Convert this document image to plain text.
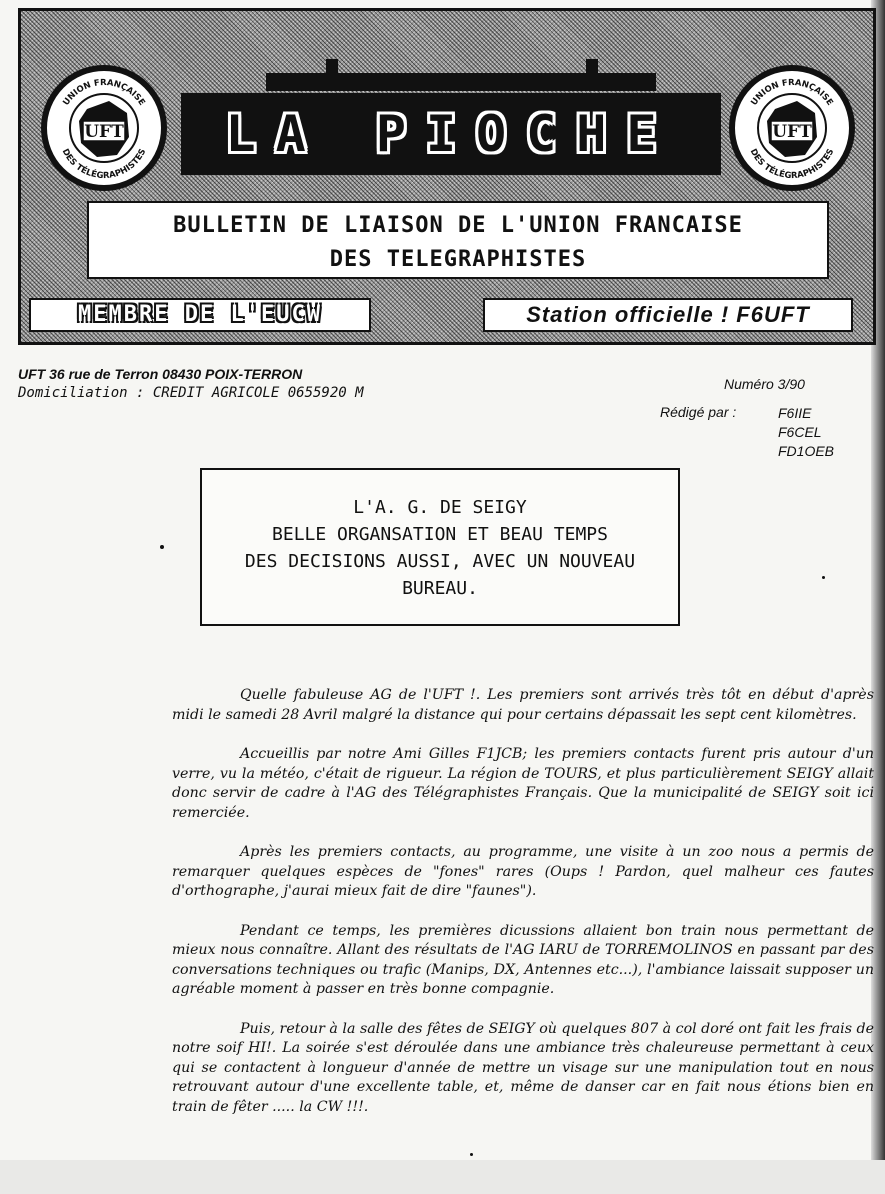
LA PIOCHE
UNION FRANÇAISE
DES TÉLÉGRAPHISTES
UFT
UNION FRANÇAISE
DES TÉLÉGRAPHISTES
UFT
BULLETIN DE LIAISON DE L'UNION FRANCAISE
DES TELEGRAPHISTES
MEMBRE DE L'EUCW	Station officielle ! F6UFT
UFT 36 rue de Terron 08430 POIX-TERRON
Domiciliation : CREDIT AGRICOLE 0655920 M
Numéro 3/90
Rédigé par :	F6IIE
F6CEL
FD1OEB
L'A. G. DE SEIGY
BELLE ORGANSATION ET BEAU TEMPS
DES DECISIONS AUSSI, AVEC UN NOUVEAU
BUREAU.

Quelle fabuleuse AG de l'UFT !. Les premiers sont arrivés très tôt en début d'après midi le samedi 28 Avril malgré la distance qui pour certains dépassait les sept cent kilomètres.

Accueillis par notre Ami Gilles F1JCB; les premiers contacts furent pris autour d'un verre, vu la météo, c'était de rigueur. La région de TOURS, et plus particulièrement SEIGY allait donc servir de cadre à l'AG des Télégraphistes Français. Que la municipalité de SEIGY soit ici remerciée.

Après les premiers contacts, au programme, une visite à un zoo nous a permis de remarquer quelques espèces de "fones" rares (Oups ! Pardon, quel malheur ces fautes d'orthographe, j'aurai mieux fait de dire "faunes").

Pendant ce temps, les premières dicussions allaient bon train nous permettant de mieux nous connaître. Allant des résultats de l'AG IARU de TORREMOLINOS en passant par des conversations techniques ou trafic (Manips, DX, Antennes etc...), l'ambiance laissait supposer un agréable moment à passer en très bonne compagnie.

Puis, retour à la salle des fêtes de SEIGY où quelques 807 à col doré ont fait les frais de notre soif HI!. La soirée s'est déroulée dans une ambiance très chaleureuse permettant à ceux qui se contactent à longueur d'année de mettre un visage sur une manipulation tout en nous retrouvant autour d'une excellente table, et, même de danser car en fait nous étions bien en train de fêter ..... la CW !!!.
